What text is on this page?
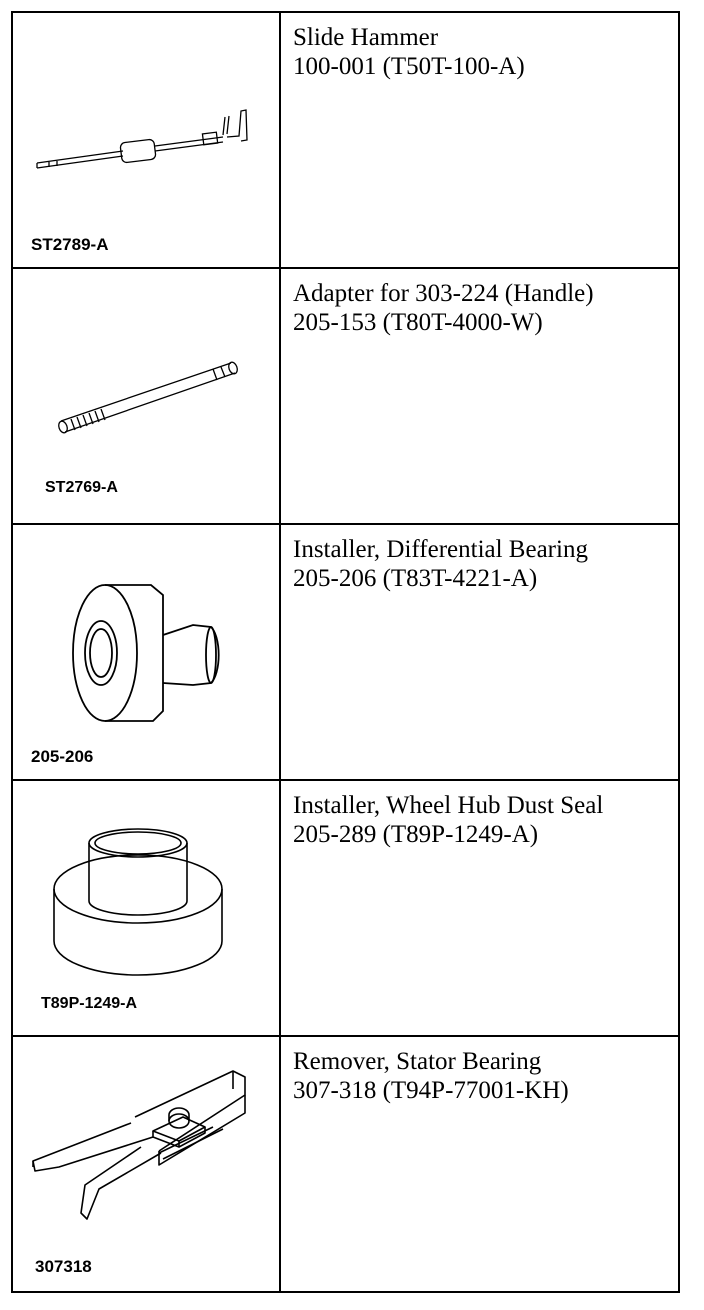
ST2789-A	Slide Hammer
100-001 (T50T-100-A)

ST2769-A	Adapter for 303-224 (Handle)
205-153 (T80T-4000-W)

205-206	Installer, Differential Bearing
205-206 (T83T-4221-A)

T89P-1249-A	Installer, Wheel Hub Dust Seal
205-289 (T89P-1249-A)

307318	Remover, Stator Bearing
307-318 (T94P-77001-KH)
